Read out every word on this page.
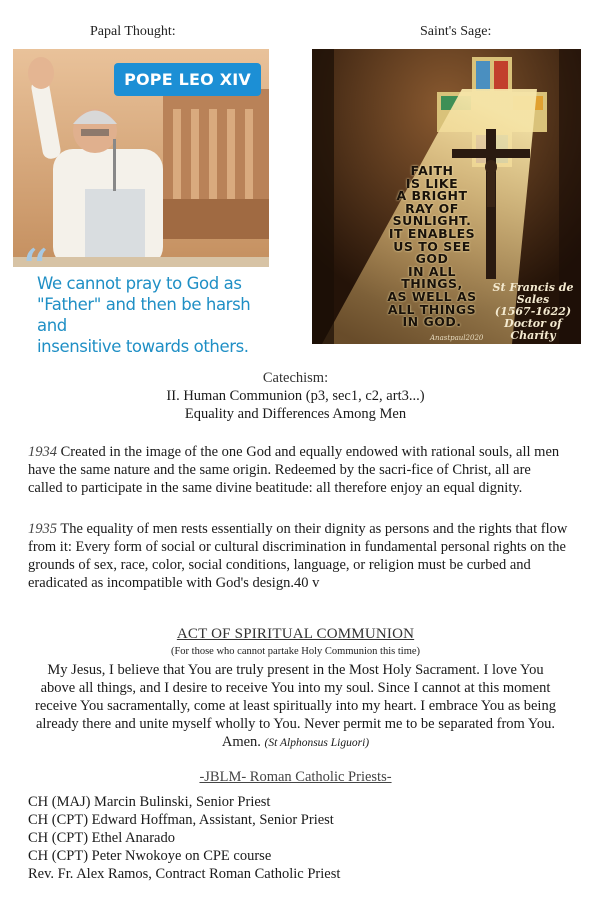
Papal Thought:	Saint's Sage:
POPE LEO XIV
“
We cannot pray to God as
"Father" and then be harsh and
insensitive towards others.
FAITH
IS LIKE
A BRIGHT
RAY OF
SUNLIGHT.
IT ENABLES
US TO SEE
GOD
IN ALL
THINGS,
AS WELL AS
ALL THINGS
IN GOD.
St Francis de
Sales
(1567-1622)
Doctor of Charity
Anastpaul2020
Catechism:
II. Human Communion (p3, sec1, c2, art3...)
Equality and Differences Among Men
1934 Created in the image of the one God and equally endowed with rational souls, all men have the same nature and the same origin. Redeemed by the sacri-fice of Christ, all are called to participate in the same divine beatitude: all therefore enjoy an equal dignity.
1935 The equality of men rests essentially on their dignity as persons and the rights that flow from it: Every form of social or cultural discrimination in fundamental personal rights on the grounds of sex, race, color, social conditions, language, or religion must be curbed and eradicated as incompatible with God's design.40 v
ACT OF SPIRITUAL COMMUNION
(For those who cannot partake Holy Communion this time)
My Jesus, I believe that You are truly present in the Most Holy Sacrament. I love You above all things, and I desire to receive You into my soul. Since I cannot at this moment receive You sacramentally, come at least spiritually into my heart. I embrace You as being already there and unite myself wholly to You. Never permit me to be separated from You. Amen. (St Alphonsus Liguori)
-JBLM- Roman Catholic Priests-
CH (MAJ) Marcin Bulinski, Senior Priest
CH (CPT) Edward Hoffman, Assistant, Senior Priest
CH (CPT) Ethel Anarado
CH (CPT) Peter Nwokoye on CPE course
Rev. Fr. Alex Ramos, Contract Roman Catholic Priest
